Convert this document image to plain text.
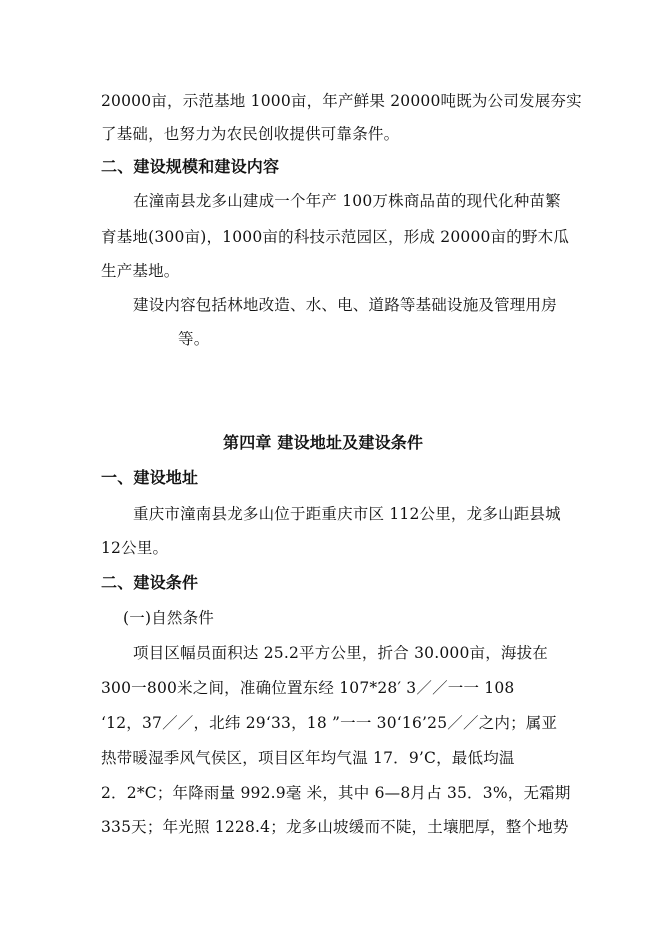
20000亩，示范基地 1000亩，年产鲜果 20000吨既为公司发展夯实
了基础，也努力为农民创收提供可靠条件。
二、建设规模和建设内容
在潼南县龙多山建成一个年产 100万株商品苗的现代化种苗繁
育基地(300亩)，1000亩的科技示范园区，形成 20000亩的野木瓜
生产基地。
建设内容包括林地改造、水、电、道路等基础设施及管理用房
等。
第四章 建设地址及建设条件
一、建设地址
重庆市潼南县龙多山位于距重庆市区 112公里，龙多山距县城
12公里。
二、建设条件
(一)自然条件
项目区幅员面积达 25.2平方公里，折合 30.000亩，海拔在
300一800米之间，准确位置东经 107*28′ 3／／一一 108
‘12，37／／，北纬 29‘33，18 ”一一 30‘16’25／／之内；属亚
热带暖湿季风气侯区，项目区年均气温 17．9’C，最低均温
2．2*C；年降雨量 992.9毫 米，其中 6—8月占 35．3%，无霜期
335天；年光照 1228.4；龙多山坡缓而不陡，土壤肥厚，整个地势
